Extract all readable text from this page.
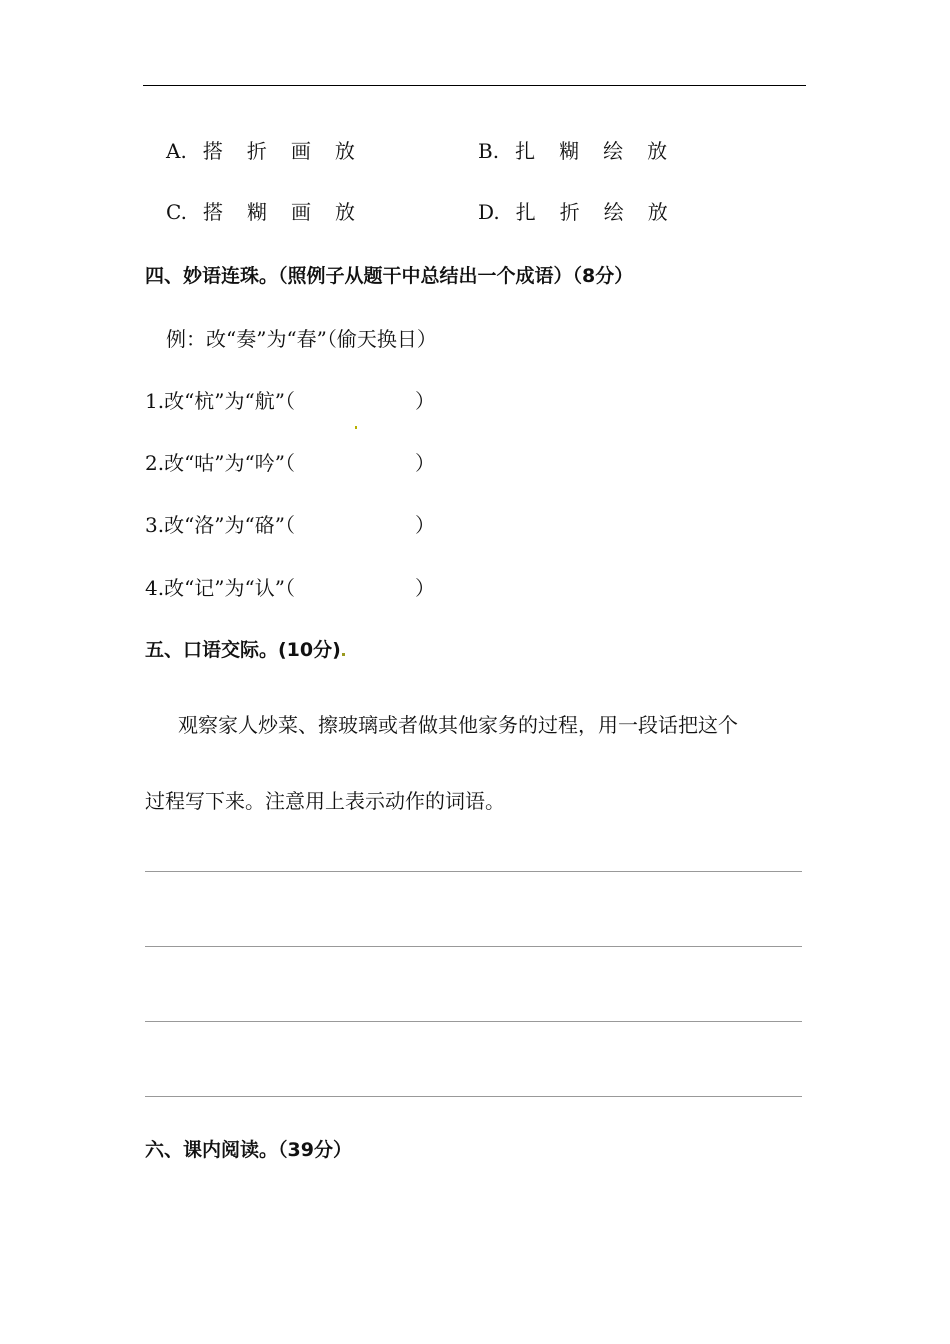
A. 搭 折 画 放	B. 扎 糊 绘 放
C. 搭 糊 画 放	D. 扎 折 绘 放
四、妙语连珠。（照例子从题干中总结出一个成语）（8分）
例：改“奏”为“春”（偷天换日）
1.改“杭”为“航”（	）
2.改“咕”为“吟”（	）
3.改“洛”为“硌”（	）
4.改“记”为“认”（	）
五、口语交际。(10分)
观察家人炒菜、擦玻璃或者做其他家务的过程，用一段话把这个
过程写下来。注意用上表示动作的词语。
六、课内阅读。（39分）
